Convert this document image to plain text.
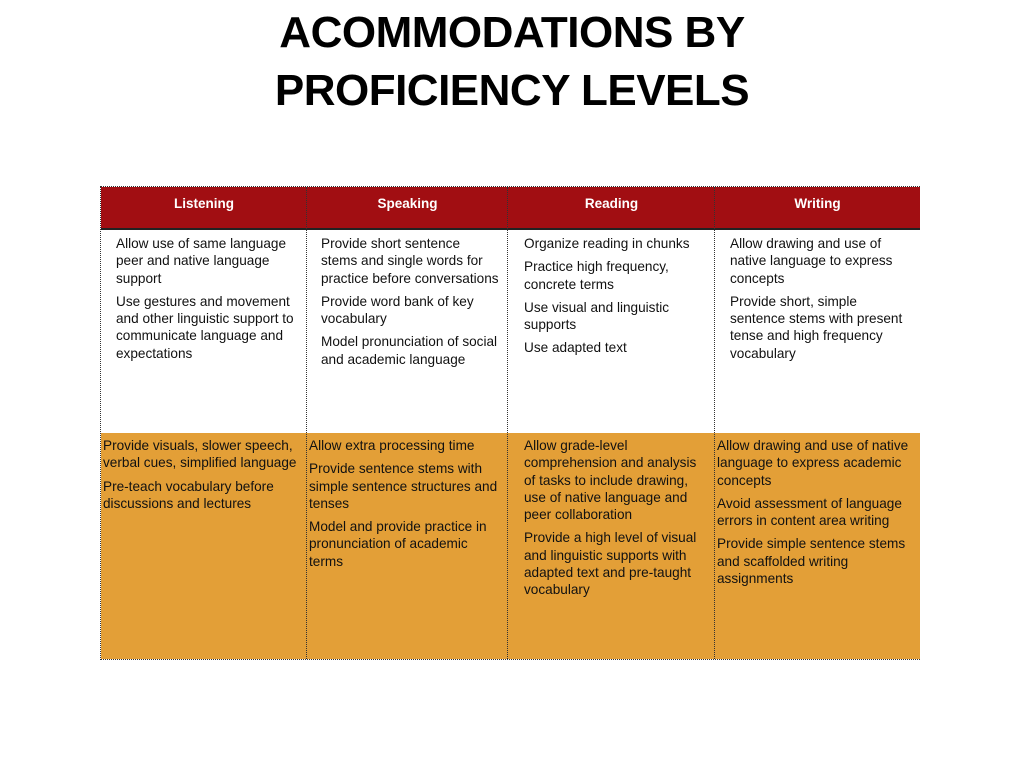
ACOMMODATIONS BY
PROFICIENCY LEVELS
Listening

Allow use of same language peer and native language support

Use gestures and movement and other linguistic support to communicate language and expectations

Provide visuals, slower speech, verbal cues, simplified language

Pre-teach vocabulary before discussions and lectures

Speaking

Provide short sentence stems and single words for practice before conversations

Provide word bank of key vocabulary

Model pronunciation of social and academic language

Allow extra processing time

Provide sentence stems with simple sentence structures and tenses

Model and provide practice in pronunciation of academic terms

Reading

Organize reading in chunks

Practice high frequency, concrete terms

Use visual and linguistic supports

Use adapted text

Allow grade-level comprehension and analysis of tasks to include drawing, use of native language and peer collaboration

Provide a high level of visual and linguistic supports with adapted text and pre-taught vocabulary

Writing

Allow drawing and use of native language to express concepts

Provide short, simple sentence stems with present tense and high frequency vocabulary

Allow drawing and use of native language to express academic concepts

Avoid assessment of language errors in content area writing

Provide simple sentence stems and scaffolded writing assignments
